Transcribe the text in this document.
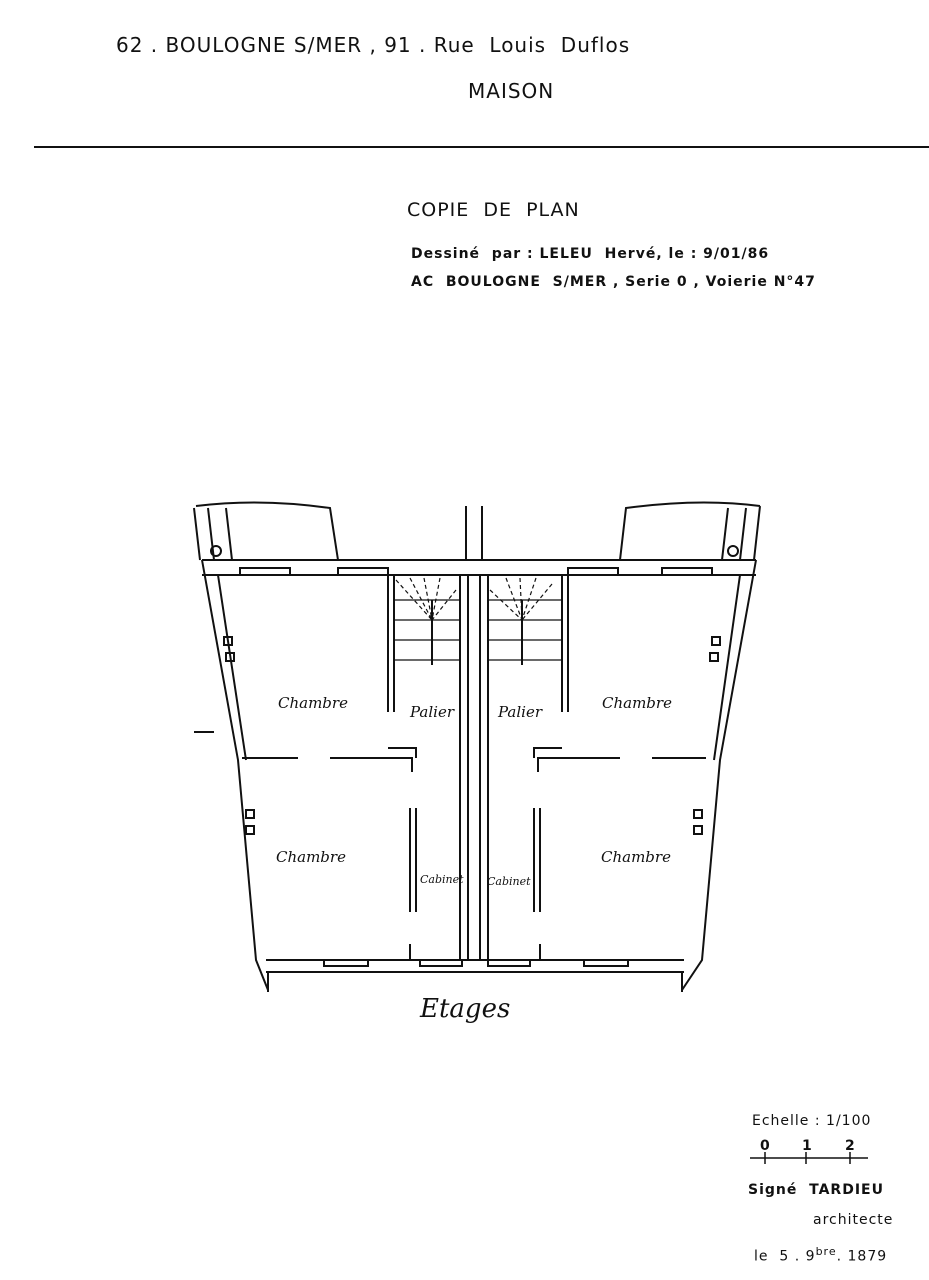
62 . BOULOGNE S/MER , 91 . Rue  Louis  Duflos
MAISON
COPIE  DE  PLAN
Dessiné  par : LELEU  Hervé, le : 9/01/86
AC  BOULOGNE  S/MER , Serie 0 , Voierie N°47
Chambre	Palier	Palier	Chambre
Chambre
Cabinet Cabinet
Chambre
Etages
Echelle : 1/100
0 1 2
Signé  TARDIEU
architecte
le  5 . $9^{bre}$. 1879
